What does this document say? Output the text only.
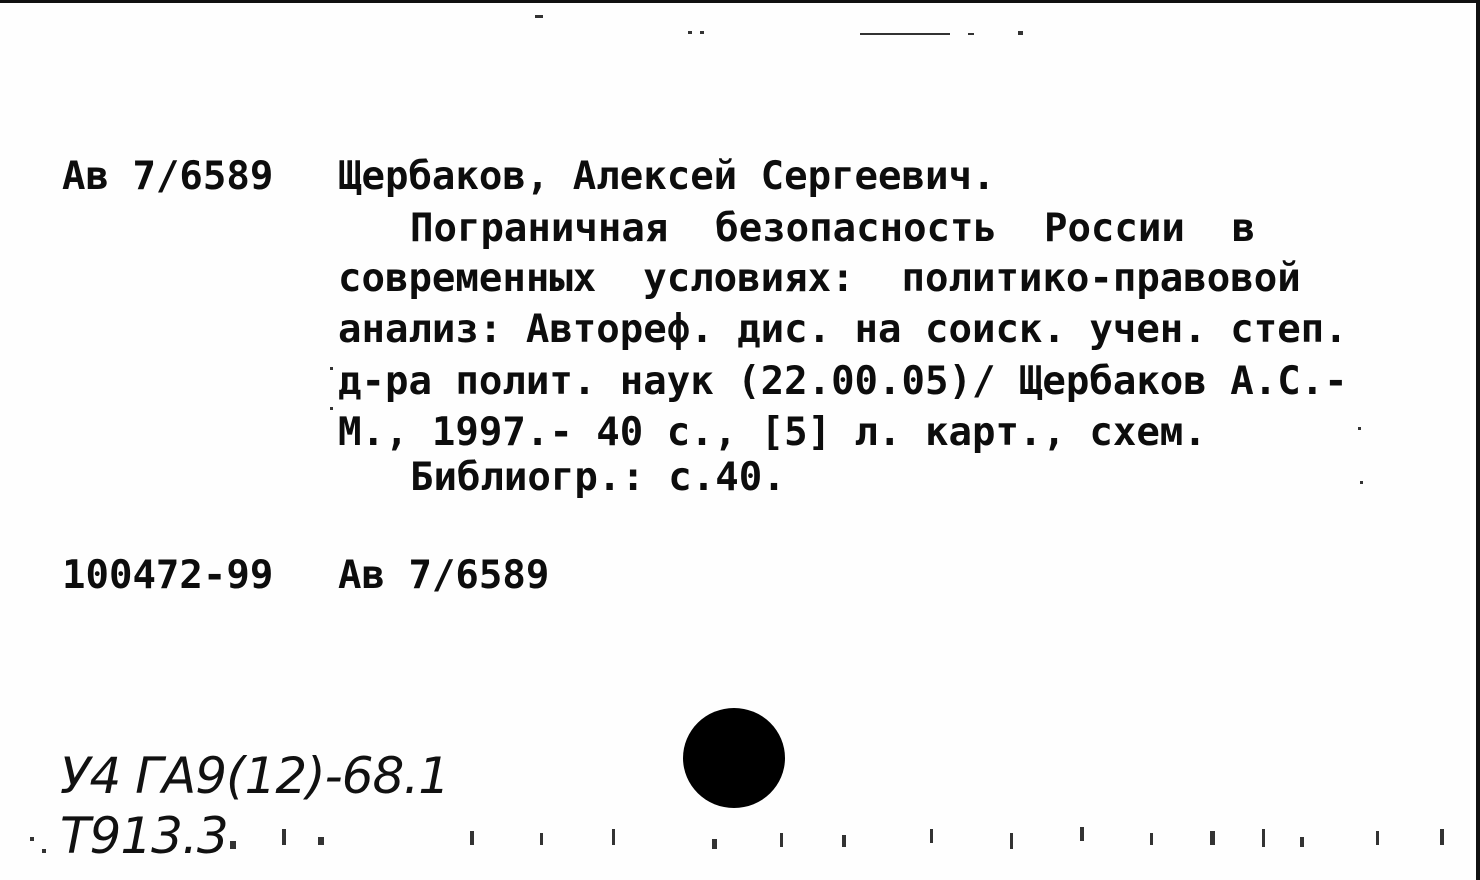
Ав 7/6589 Щербаков, Алексей Сергеевич.
Пограничная  безопасность  России  в
современных  условиях:  политико-правовой
анализ: Автореф. дис. на соиск. учен. степ.
д-ра полит. наук (22.00.05)/ Щербаков А.С.-
М., 1997.- 40 с., [5] л. карт., схем.
Библиогр.: с.40.
100472-99 Ав 7/6589
У4 ГА9(12)-68.1
Т913.3
